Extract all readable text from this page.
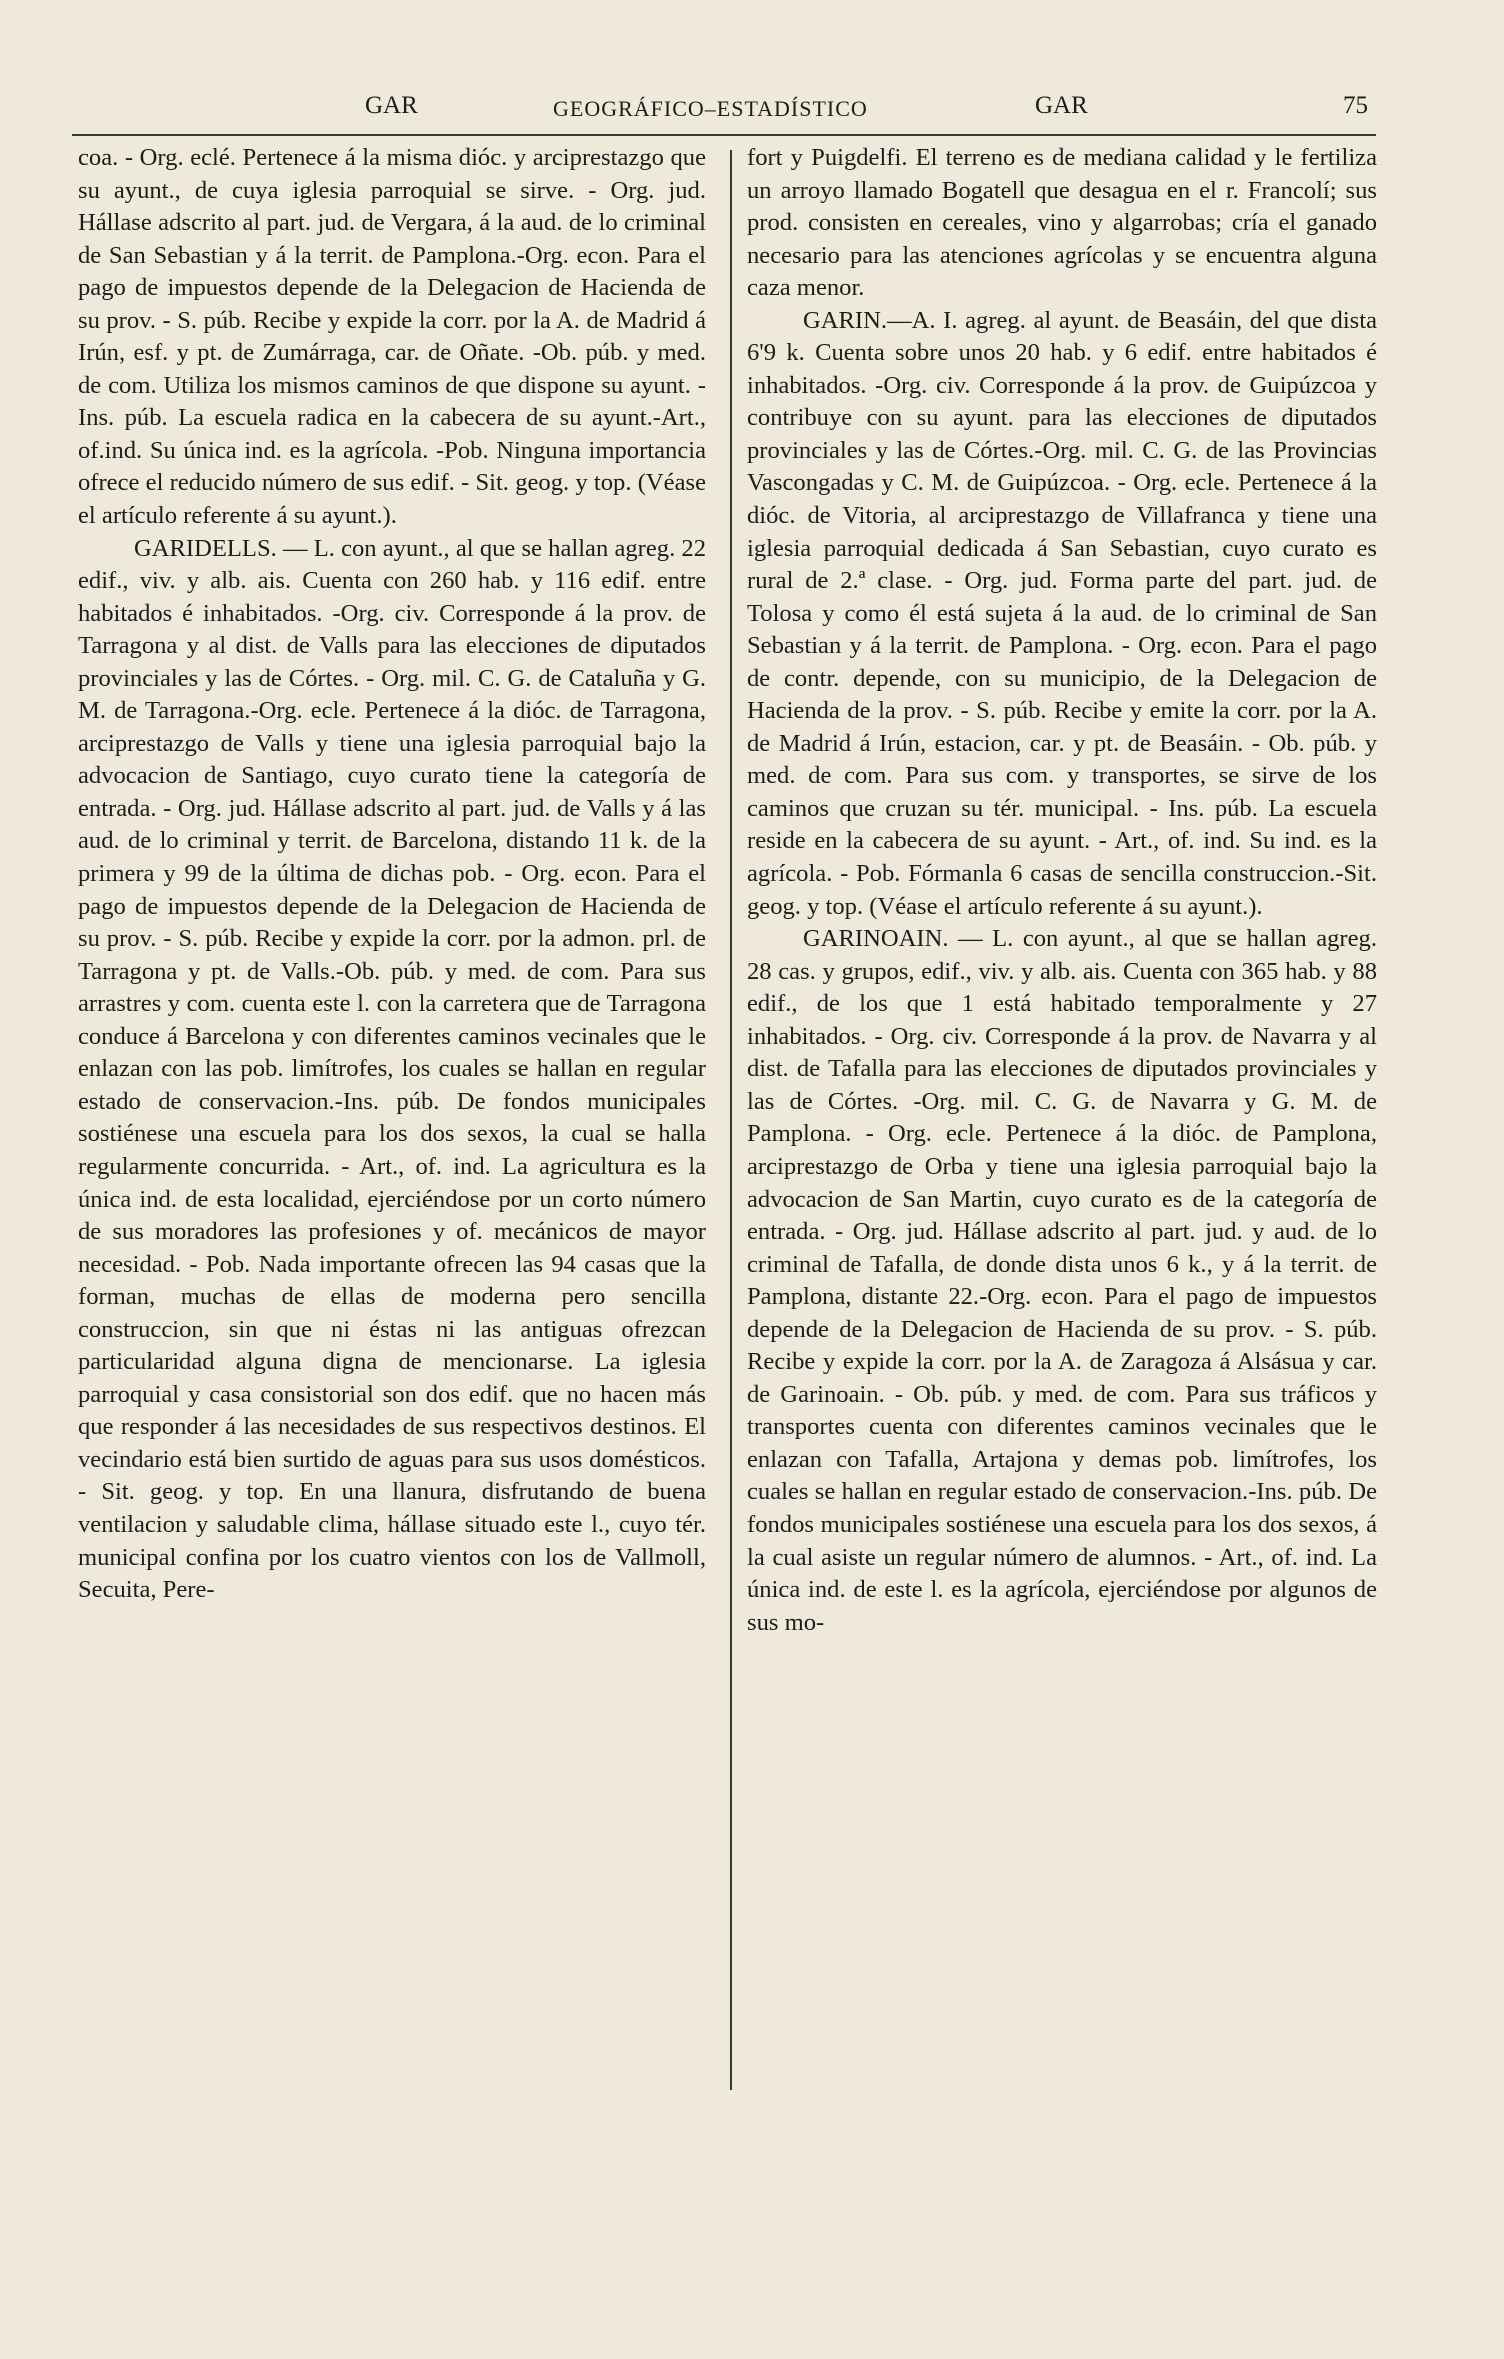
GAR	GEOGRÁFICO–ESTADÍSTICO	GAR	75

coa. - Org. eclé. Pertenece á la misma dióc. y arciprestazgo que su ayunt., de cuya iglesia parroquial se sirve. - Org. jud. Hállase adscrito al part. jud. de Vergara, á la aud. de lo criminal de San Sebastian y á la territ. de Pamplona.-Org. econ. Para el pago de impuestos depende de la Delegacion de Hacienda de su prov. - S. púb. Recibe y expide la corr. por la A. de Madrid á Irún, esf. y pt. de Zumárraga, car. de Oñate. -Ob. púb. y med. de com. Utiliza los mismos caminos de que dispone su ayunt. - Ins. púb. La escuela radica en la cabecera de su ayunt.-Art., of.ind. Su única ind. es la agrícola. -Pob. Ninguna importancia ofrece el reducido número de sus edif. - Sit. geog. y top. (Véase el artículo referente á su ayunt.).

GARIDELLS. — L. con ayunt., al que se hallan agreg. 22 edif., viv. y alb. ais. Cuenta con 260 hab. y 116 edif. entre habitados é inhabitados. -Org. civ. Corresponde á la prov. de Tarragona y al dist. de Valls para las elecciones de diputados provinciales y las de Córtes. - Org. mil. C. G. de Cataluña y G. M. de Tarragona.-Org. ecle. Pertenece á la dióc. de Tarragona, arciprestazgo de Valls y tiene una iglesia parroquial bajo la advocacion de Santiago, cuyo curato tiene la categoría de entrada. - Org. jud. Hállase adscrito al part. jud. de Valls y á las aud. de lo criminal y territ. de Barcelona, distando 11 k. de la primera y 99 de la última de dichas pob. - Org. econ. Para el pago de impuestos depende de la Delegacion de Hacienda de su prov. - S. púb. Recibe y expide la corr. por la admon. prl. de Tarragona y pt. de Valls.-Ob. púb. y med. de com. Para sus arrastres y com. cuenta este l. con la carretera que de Tarragona conduce á Barcelona y con diferentes caminos vecinales que le enlazan con las pob. limítrofes, los cuales se hallan en regular estado de conservacion.-Ins. púb. De fondos municipales sostiénese una escuela para los dos sexos, la cual se halla regularmente concurrida. - Art., of. ind. La agricultura es la única ind. de esta localidad, ejerciéndose por un corto número de sus moradores las profesiones y of. mecánicos de mayor necesidad. - Pob. Nada importante ofrecen las 94 casas que la forman, muchas de ellas de moderna pero sencilla construccion, sin que ni éstas ni las antiguas ofrezcan particularidad alguna digna de mencionarse. La iglesia parroquial y casa consistorial son dos edif. que no hacen más que responder á las necesidades de sus respectivos destinos. El vecindario está bien surtido de aguas para sus usos domésticos. - Sit. geog. y top. En una llanura, disfrutando de buena ventilacion y saludable clima, hállase situado este l., cuyo tér. municipal confina por los cuatro vientos con los de Vallmoll, Secuita, Pere-

fort y Puigdelfi. El terreno es de mediana calidad y le fertiliza un arroyo llamado Bogatell que desagua en el r. Francolí; sus prod. consisten en cereales, vino y algarrobas; cría el ganado necesario para las atenciones agrícolas y se encuentra alguna caza menor.

GARIN.—A. I. agreg. al ayunt. de Beasáin, del que dista 6'9 k. Cuenta sobre unos 20 hab. y 6 edif. entre habitados é inhabitados. -Org. civ. Corresponde á la prov. de Guipúzcoa y contribuye con su ayunt. para las elecciones de diputados provinciales y las de Córtes.-Org. mil. C. G. de las Provincias Vascongadas y C. M. de Guipúzcoa. - Org. ecle. Pertenece á la dióc. de Vitoria, al arciprestazgo de Villafranca y tiene una iglesia parroquial dedicada á San Sebastian, cuyo curato es rural de 2.ª clase. - Org. jud. Forma parte del part. jud. de Tolosa y como él está sujeta á la aud. de lo criminal de San Sebastian y á la territ. de Pamplona. - Org. econ. Para el pago de contr. depende, con su municipio, de la Delegacion de Hacienda de la prov. - S. púb. Recibe y emite la corr. por la A. de Madrid á Irún, estacion, car. y pt. de Beasáin. - Ob. púb. y med. de com. Para sus com. y transportes, se sirve de los caminos que cruzan su tér. municipal. - Ins. púb. La escuela reside en la cabecera de su ayunt. - Art., of. ind. Su ind. es la agrícola. - Pob. Fórmanla 6 casas de sencilla construccion.-Sit. geog. y top. (Véase el artículo referente á su ayunt.).

GARINOAIN. — L. con ayunt., al que se hallan agreg. 28 cas. y grupos, edif., viv. y alb. ais. Cuenta con 365 hab. y 88 edif., de los que 1 está habitado temporalmente y 27 inhabitados. - Org. civ. Corresponde á la prov. de Navarra y al dist. de Tafalla para las elecciones de diputados provinciales y las de Córtes. -Org. mil. C. G. de Navarra y G. M. de Pamplona. - Org. ecle. Pertenece á la dióc. de Pamplona, arciprestazgo de Orba y tiene una iglesia parroquial bajo la advocacion de San Martin, cuyo curato es de la categoría de entrada. - Org. jud. Hállase adscrito al part. jud. y aud. de lo criminal de Tafalla, de donde dista unos 6 k., y á la territ. de Pamplona, distante 22.-Org. econ. Para el pago de impuestos depende de la Delegacion de Hacienda de su prov. - S. púb. Recibe y expide la corr. por la A. de Zaragoza á Alsásua y car. de Garinoain. - Ob. púb. y med. de com. Para sus tráficos y transportes cuenta con diferentes caminos vecinales que le enlazan con Tafalla, Artajona y demas pob. limítrofes, los cuales se hallan en regular estado de conservacion.-Ins. púb. De fondos municipales sostiénese una escuela para los dos sexos, á la cual asiste un regular número de alumnos. - Art., of. ind. La única ind. de este l. es la agrícola, ejerciéndose por algunos de sus mo-
